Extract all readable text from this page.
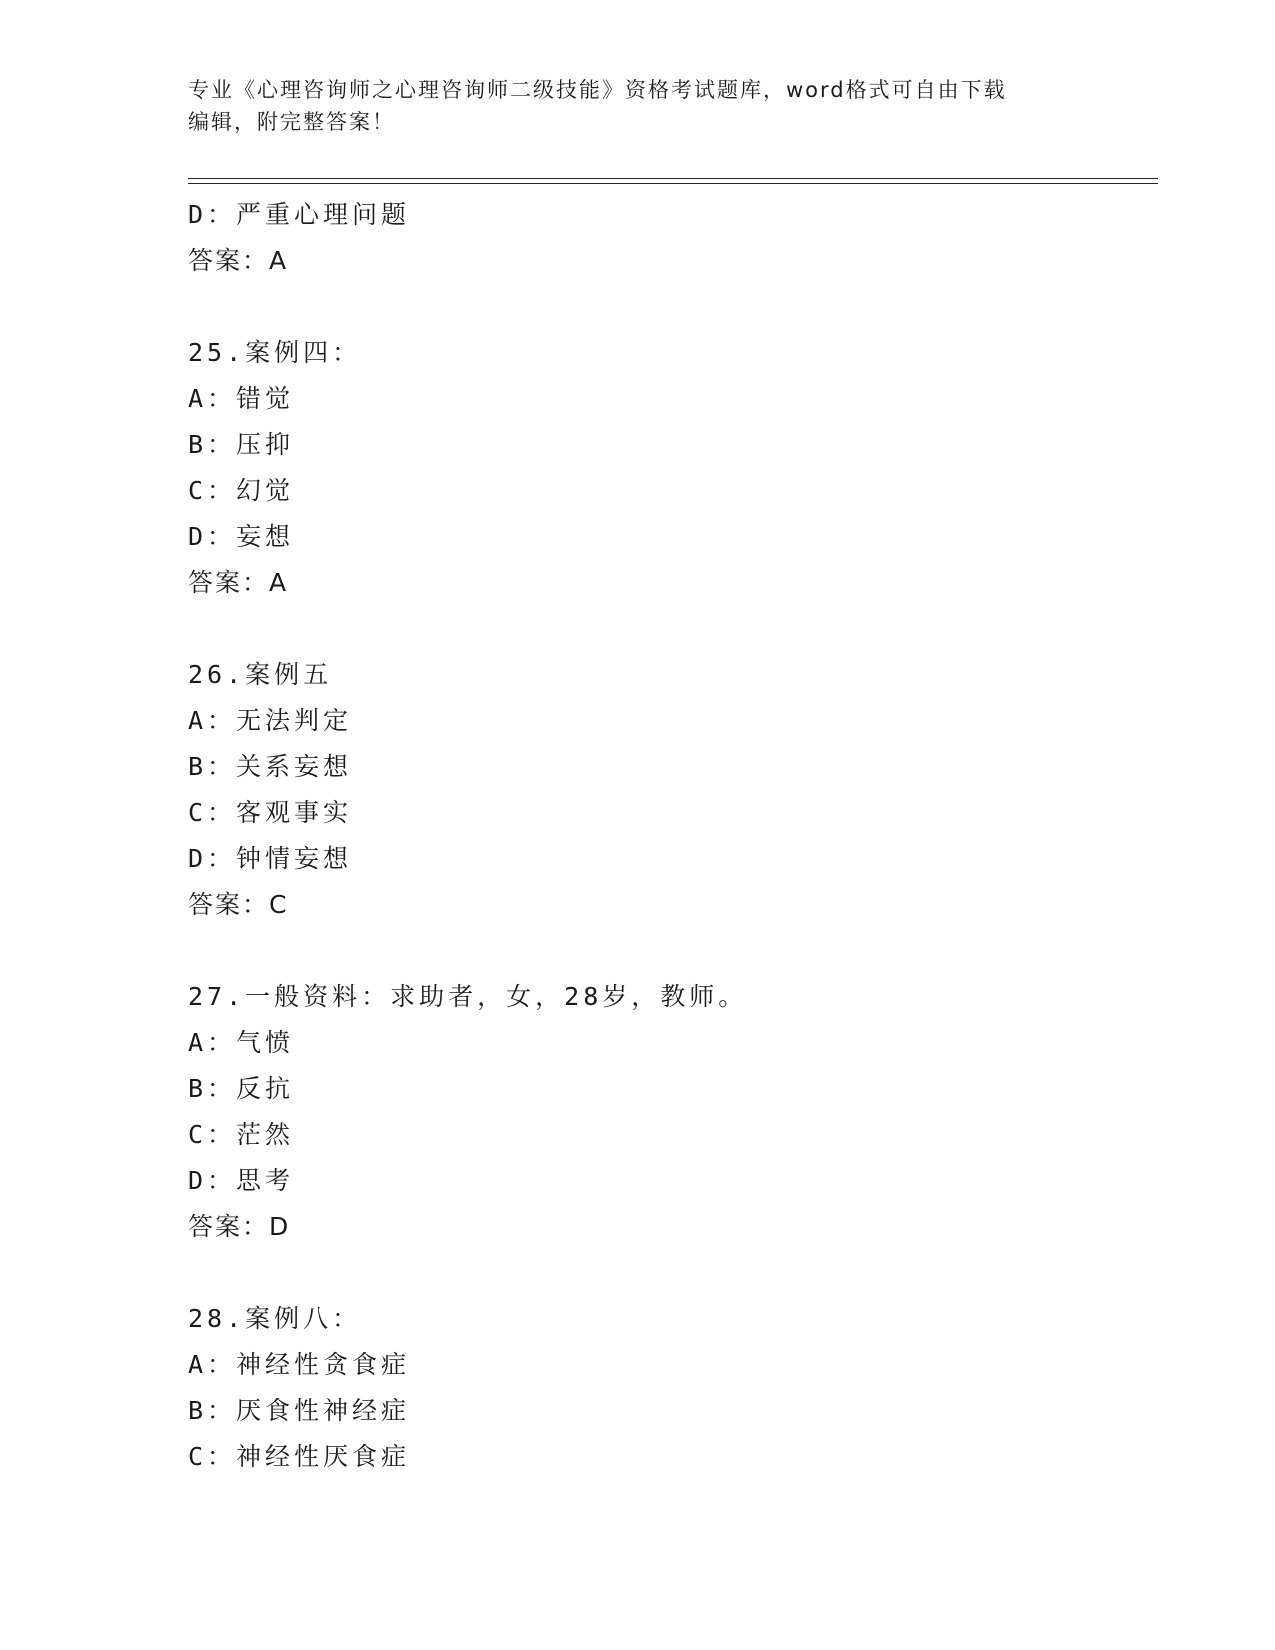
专业《心理咨询师之心理咨询师二级技能》资格考试题库，word格式可自由下载
编辑，附完整答案！
D：严重心理问题
答案：A
25.案例四：
A：错觉
B：压抑
C：幻觉
D：妄想
答案：A
26.案例五
A：无法判定
B：关系妄想
C：客观事实
D：钟情妄想
答案：C
27.一般资料：求助者，女，28岁，教师。
A：气愤
B：反抗
C：茫然
D：思考
答案：D
28.案例八：
A：神经性贪食症
B：厌食性神经症
C：神经性厌食症
